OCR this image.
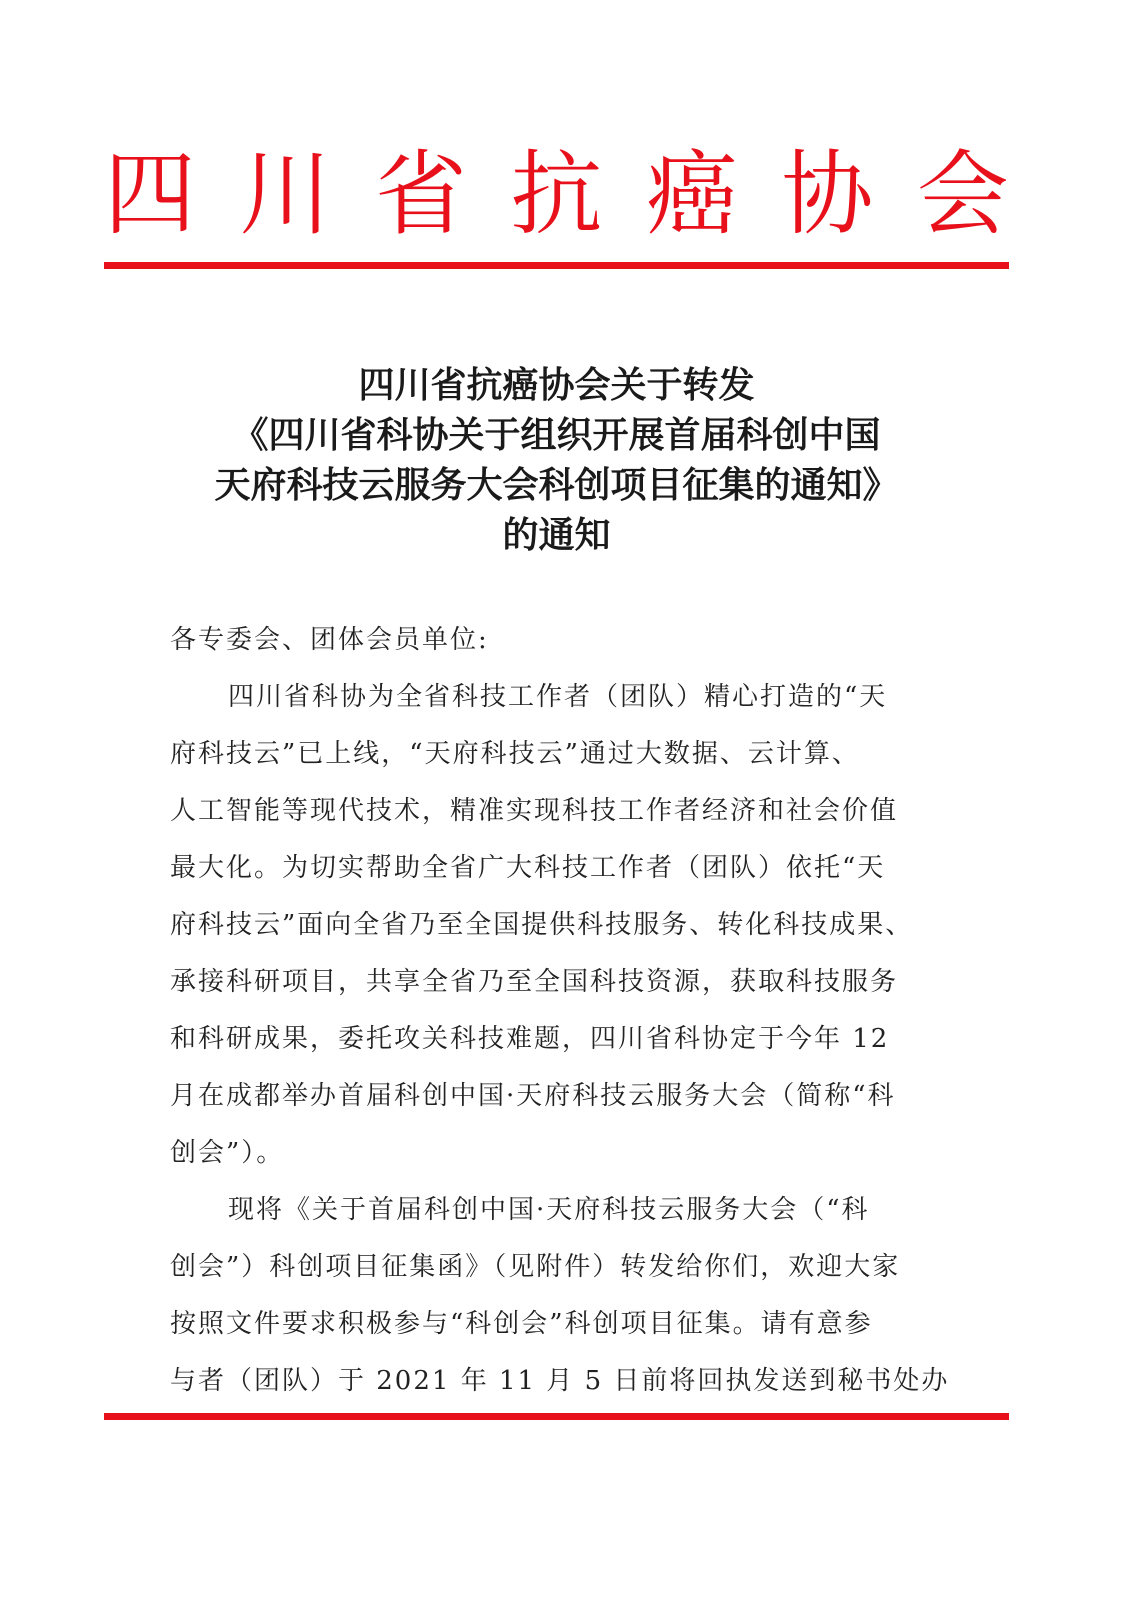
四 川 省 抗 癌 协 会
四川省抗癌协会关于转发
《四川省科协关于组织开展首届科创中国
天府科技云服务大会科创项目征集的通知》
的通知
各专委会、团体会员单位:
四川省科协为全省科技工作者（团队）精心打造的“天
府科技云”已上线，“天府科技云”通过大数据、云计算、
人工智能等现代技术，精准实现科技工作者经济和社会价值
最大化。为切实帮助全省广大科技工作者（团队）依托“天
府科技云”面向全省乃至全国提供科技服务、转化科技成果、
承接科研项目，共享全省乃至全国科技资源，获取科技服务
和科研成果，委托攻关科技难题，四川省科协定于今年 12
月在成都举办首届科创中国·天府科技云服务大会（简称“科
创会”）。
现将《关于首届科创中国·天府科技云服务大会（“科
创会”）科创项目征集函》（见附件）转发给你们，欢迎大家
按照文件要求积极参与“科创会”科创项目征集。请有意参
与者（团队）于 2021 年 11 月 5 日前将回执发送到秘书处办
